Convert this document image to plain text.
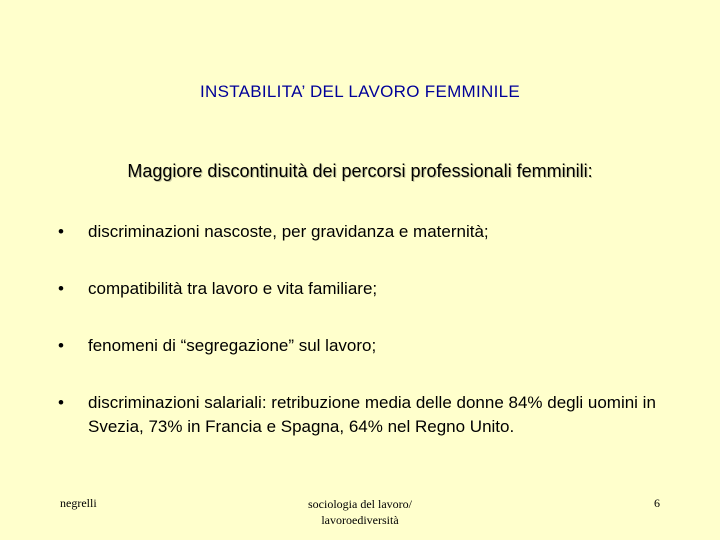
INSTABILITA’ DEL LAVORO FEMMINILE
Maggiore discontinuità dei percorsi professionali femminili:
•	discriminazioni nascoste, per gravidanza e maternità;
•	compatibilità tra lavoro e vita familiare;
•	fenomeni di “segregazione” sul lavoro;
•	discriminazioni salariali: retribuzione media delle donne 84% degli uomini in Svezia, 73% in Francia e Spagna, 64% nel Regno Unito.
negrelli	sociologia del lavoro/
lavoroediversità
6
